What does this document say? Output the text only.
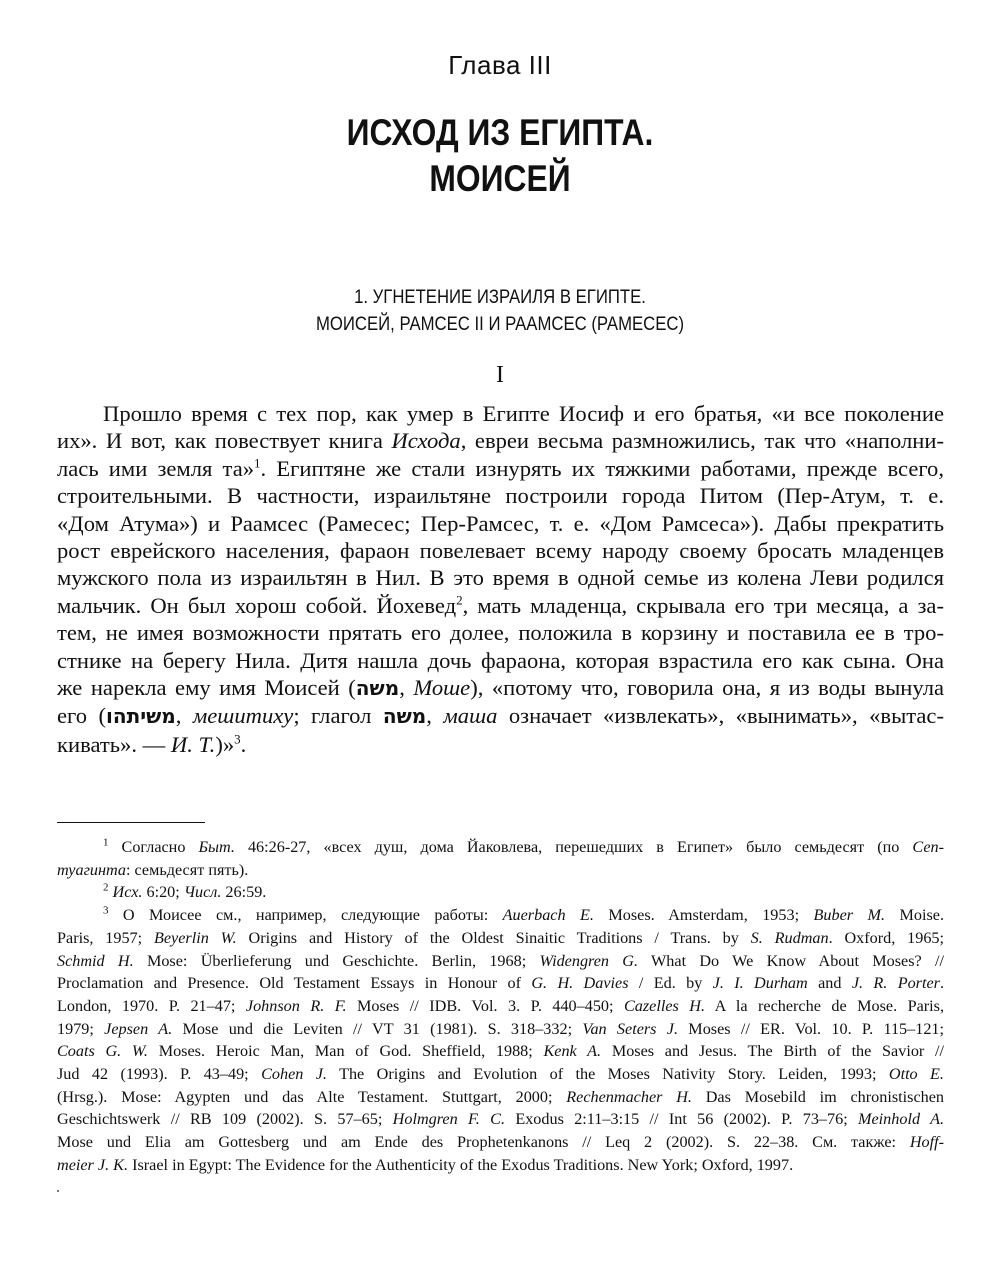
Глава III
ИСХОД ИЗ ЕГИПТА.
МОИСЕЙ
1. УГНЕТЕНИЕ ИЗРАИЛЯ В ЕГИПТЕ.
МОИСЕЙ, РАМСЕС II И РААМСЕС (РАМЕСЕС)
I
Прошло время с тех пор, как умер в Египте Иосиф и его братья, «и все поколение
их». И вот, как повествует книга Исхода, евреи весьма размножились, так что «наполни-
лась ими земля та»$^1$. Египтяне же стали изнурять их тяжкими работами, прежде всего,
строительными. В частности, израильтяне построили города Питом (Пер-Атум, т. е.
«Дом Атума») и Раамсес (Рамесес; Пер-Рамсес, т. е. «Дом Рамсеса»). Дабы прекратить
рост еврейского населения, фараон повелевает всему народу своему бросать младенцев
мужского пола из израильтян в Нил. В это время в одной семье из колена Леви родился
мальчик. Он был хорош собой. Йохевед$^2$, мать младенца, скрывала его три месяца, а за-
тем, не имея возможности прятать его долее, положила в корзину и поставила ее в тро-
стнике на берегу Нила. Дитя нашла дочь фараона, которая взрастила его как сына. Она
же нарекла ему имя Моисей (משה, Моше), «потому что, говорила она, я из воды вынула
его (משיתהו, мешитиху; глагол משה, маша означает «извлекать», «вынимать», «вытас-
кивать». — И. Т.)»$^3$.
$^1$ Согласно Быт. 46:26-27, «всех душ, дома Йаковлева, перешедших в Египет» было семьдесят (по Сеп-
туагинта: семьдесят пять).
$^2$ Исх. 6:20; Числ. 26:59.
$^3$ О Моисее см., например, следующие работы: Auerbach E. Moses. Amsterdam, 1953; Buber M. Moise.
Paris, 1957; Beyerlin W. Origins and History of the Oldest Sinaitic Traditions / Trans. by S. Rudman. Oxford, 1965;
Schmid H. Mose: Überlieferung und Geschichte. Berlin, 1968; Widengren G. What Do We Know About Moses? //
Proclamation and Presence. Old Testament Essays in Honour of G. H. Davies / Ed. by J. I. Durham and J. R. Porter.
London, 1970. P. 21–47; Johnson R. F. Moses // IDB. Vol. 3. P. 440–450; Cazelles H. A la recherche de Mose. Paris,
1979; Jepsen A. Mose und die Leviten // VT 31 (1981). S. 318–332; Van Seters J. Moses // ER. Vol. 10. P. 115–121;
Coats G. W. Moses. Heroic Man, Man of God. Sheffield, 1988; Kenk A. Moses and Jesus. The Birth of the Savior //
Jud 42 (1993). P. 43–49; Cohen J. The Origins and Evolution of the Moses Nativity Story. Leiden, 1993; Otto E.
(Hrsg.). Mose: Agypten und das Alte Testament. Stuttgart, 2000; Rechenmacher H. Das Mosebild im chronistischen
Geschichtswerk // RB 109 (2002). S. 57–65; Holmgren F. C. Exodus 2:11–3:15 // Int 56 (2002). P. 73–76; Meinhold A.
Mose und Elia am Gottesberg und am Ende des Prophetenkanons // Leq 2 (2002). S. 22–38. См. также: Hoff-
meier J. K. Israel in Egypt: The Evidence for the Authenticity of the Exodus Traditions. New York; Oxford, 1997.
